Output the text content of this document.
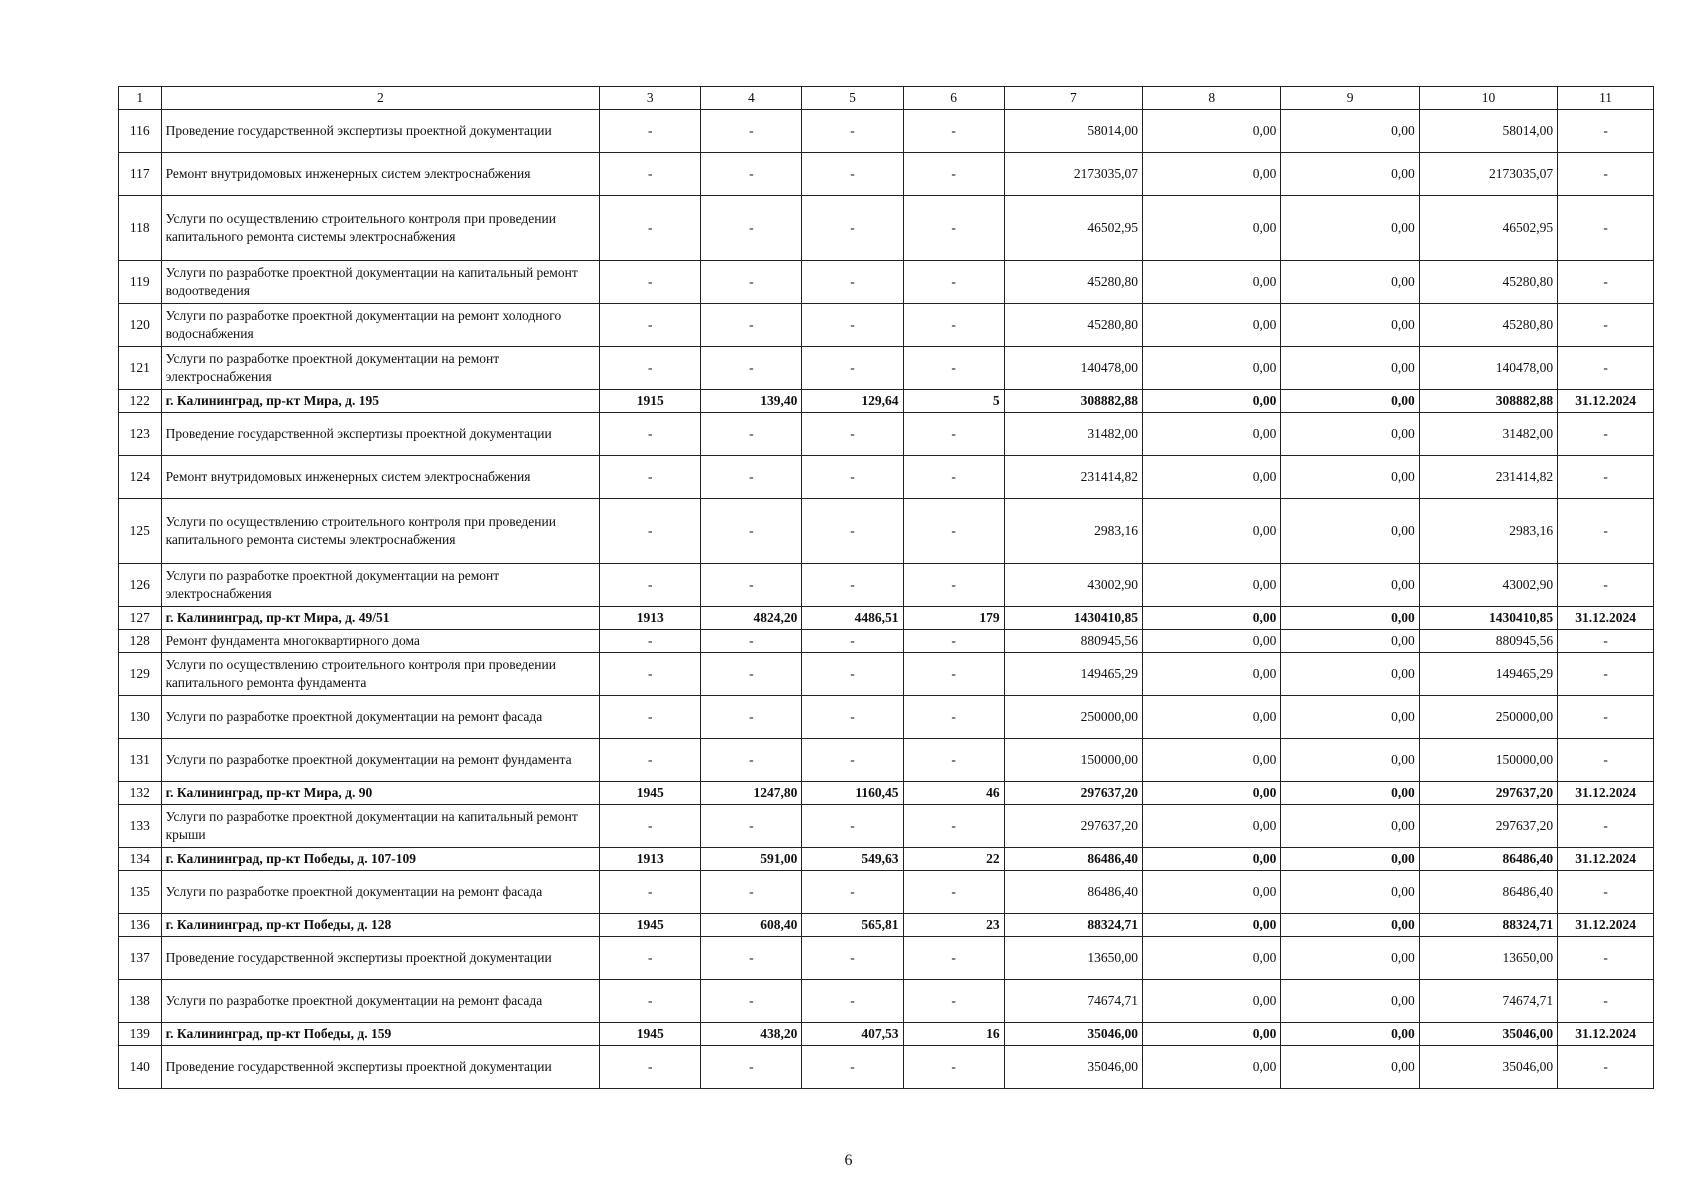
1	2	3	4	5	6	7	8	9	10	11
116	Проведение государственной экспертизы проектной документации	-	-	-	-	58014,00	0,00	0,00	58014,00	-
117	Ремонт внутридомовых инженерных систем электроснабжения	-	-	-	-	2173035,07	0,00	0,00	2173035,07	-
118	Услуги по осуществлению строительного контроля при проведении капитального ремонта системы электроснабжения	-	-	-	-	46502,95	0,00	0,00	46502,95	-
119	Услуги по разработке проектной документации на капитальный ремонт водоотведения	-	-	-	-	45280,80	0,00	0,00	45280,80	-
120	Услуги по разработке проектной документации на ремонт холодного водоснабжения	-	-	-	-	45280,80	0,00	0,00	45280,80	-
121	Услуги по разработке проектной документации на ремонт электроснабжения	-	-	-	-	140478,00	0,00	0,00	140478,00	-
122	г. Калининград, пр-кт Мира, д. 195	1915	139,40	129,64	5	308882,88	0,00	0,00	308882,88	31.12.2024
123	Проведение государственной экспертизы проектной документации	-	-	-	-	31482,00	0,00	0,00	31482,00	-
124	Ремонт внутридомовых инженерных систем электроснабжения	-	-	-	-	231414,82	0,00	0,00	231414,82	-
125	Услуги по осуществлению строительного контроля при проведении капитального ремонта системы электроснабжения	-	-	-	-	2983,16	0,00	0,00	2983,16	-
126	Услуги по разработке проектной документации на ремонт электроснабжения	-	-	-	-	43002,90	0,00	0,00	43002,90	-
127	г. Калининград, пр-кт Мира, д. 49/51	1913	4824,20	4486,51	179	1430410,85	0,00	0,00	1430410,85	31.12.2024
128	Ремонт фундамента многоквартирного дома	-	-	-	-	880945,56	0,00	0,00	880945,56	-
129	Услуги по осуществлению строительного контроля при проведении капитального ремонта фундамента	-	-	-	-	149465,29	0,00	0,00	149465,29	-
130	Услуги по разработке проектной документации на ремонт фасада	-	-	-	-	250000,00	0,00	0,00	250000,00	-
131	Услуги по разработке проектной документации на ремонт фундамента	-	-	-	-	150000,00	0,00	0,00	150000,00	-
132	г. Калининград, пр-кт Мира, д. 90	1945	1247,80	1160,45	46	297637,20	0,00	0,00	297637,20	31.12.2024
133	Услуги по разработке проектной документации на капитальный ремонт крыши	-	-	-	-	297637,20	0,00	0,00	297637,20	-
134	г. Калининград, пр-кт Победы, д. 107-109	1913	591,00	549,63	22	86486,40	0,00	0,00	86486,40	31.12.2024
135	Услуги по разработке проектной документации на ремонт фасада	-	-	-	-	86486,40	0,00	0,00	86486,40	-
136	г. Калининград, пр-кт Победы, д. 128	1945	608,40	565,81	23	88324,71	0,00	0,00	88324,71	31.12.2024
137	Проведение государственной экспертизы проектной документации	-	-	-	-	13650,00	0,00	0,00	13650,00	-
138	Услуги по разработке проектной документации на ремонт фасада	-	-	-	-	74674,71	0,00	0,00	74674,71	-
139	г. Калининград, пр-кт Победы, д. 159	1945	438,20	407,53	16	35046,00	0,00	0,00	35046,00	31.12.2024
140	Проведение государственной экспертизы проектной документации	-	-	-	-	35046,00	0,00	0,00	35046,00	-
6
